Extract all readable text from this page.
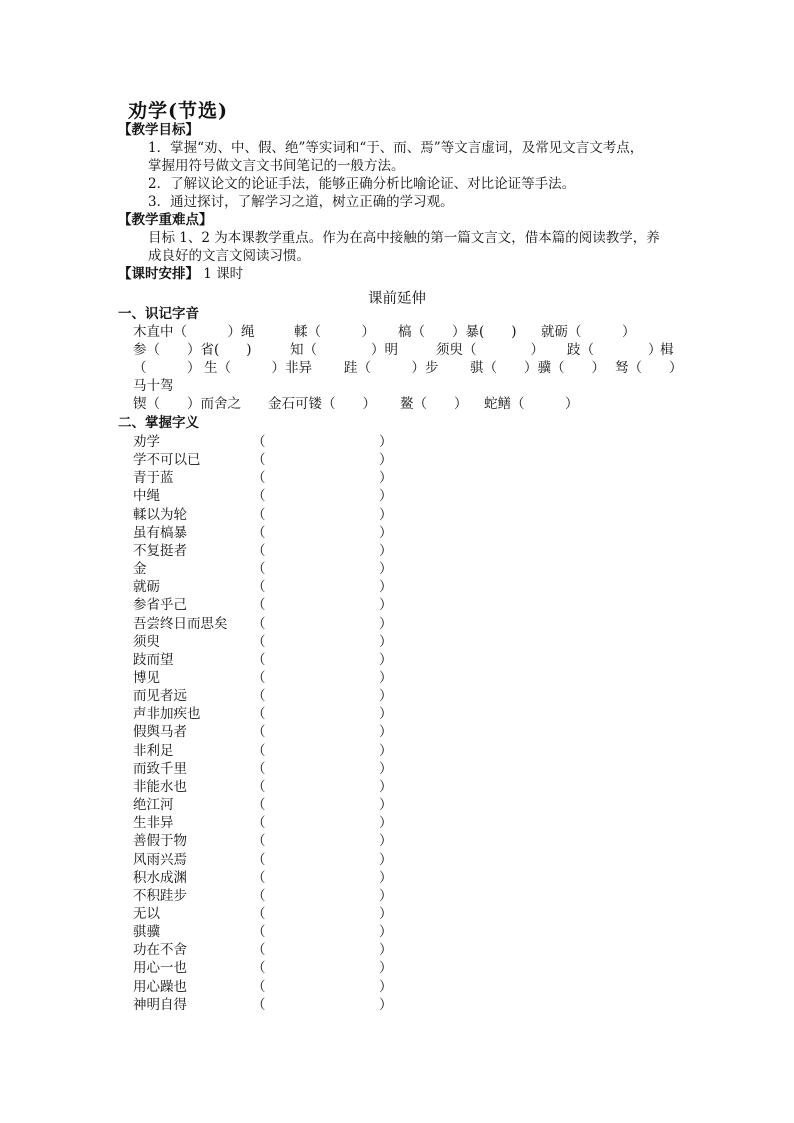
劝学(节选)
【教学目标】
1．掌握“劝、中、假、绝”等实词和“于、而、焉”等文言虚词，及常见文言文考点，
掌握用符号做文言文书间笔记的一般方法。
2．了解议论文的论证手法，能够正确分析比喻论证、对比论证等手法。
3．通过探讨，了解学习之道，树立正确的学习观。
【教学重难点】
目标 1、2 为本课教学重点。作为在高中接触的第一篇文言文，借本篇的阅读教学，养
成良好的文言文阅读习惯。
【课时安排】 1 课时
课前延伸
一、识记字音
木直中（　　　）绳	輮（　　　） 槁（　　）暴(　　) 就砺（　　　）
参（　　）省(　　)	知（　　　　）明	须臾（　　　　） 跂（　　　　）
楫
（　　　） 生（　　　）非异 跬（　　　）步 骐（　　）骥（　　） 驽（　　）
马十驾
锲（　　）而舍之 金石可镂（　　） 鳌（　　） 蛇鳝（　　　）
二、掌握字义
劝学	（	）
学不可以已	（	）
青于蓝	（	）
中绳	（	）
輮以为轮	（	）
虽有槁暴	（	）
不复挺者	（	）
金	（	）
就砺	（	）
参省乎己	（	）
吾尝终日而思矣 （	）
须臾	（	）
跂而望	（	）
博见	（	）
而见者远	（	）
声非加疾也	（	）
假舆马者	（	）
非利足	（	）
而致千里	（	）
非能水也	（	）
绝江河	（	）
生非异	（	）
善假于物	（	）
风雨兴焉	（	）
积水成渊	（	）
不积跬步	（	）
无以	（	）
骐骥	（	）
功在不舍	（	）
用心一也	（	）
用心躁也	（	）
神明自得	（	）
